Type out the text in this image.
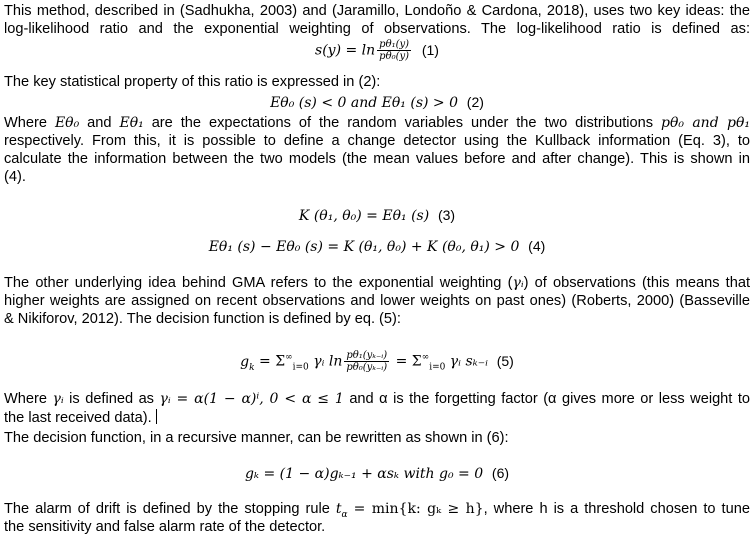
This method, described in (Sadhukha, 2003) and (Jaramillo, Londoño & Cardona, 2018), uses two key ideas: the
log-likelihood ratio and the exponential weighting of observations. The log-likelihood ratio is defined as:
$s(y) = \ln \frac{\text{pθ₁(y)}}{\text{pθ₀(y)}} (1)$
The key statistical property of this ratio is expressed in (2):
Eθ₀ (s) < 0 and Eθ₁ (s) > 0 (2)
Where Eθ₀ and Eθ₁ are the expectations of the random variables under the two distributions pθ₀ and pθ₁
respectively. From this, it is possible to define a change detector using the Kullback information (Eq. 3), to
calculate the information between the two models (the mean values before and after change). This is shown in
(4).
K (θ₁, θ₀) = Eθ₁ (s) (3)
Eθ₁ (s) − Eθ₀ (s) = K (θ₁, θ₀) + K (θ₀, θ₁) > 0 (4)
The other underlying idea behind GMA refers to the exponential weighting (γᵢ) of observations (this means that
higher weights are assigned on recent observations and lower weights on past ones) (Roberts, 2000) (Basseville
& Nikiforov, 2012). The decision function is defined by eq. (5):
$g_k = \Sigma^\infty_{i=0}$ γᵢ $\ln \frac{\text{pθ₁(yₖ₋ᵢ)}}{\text{pθ₀(yₖ₋ᵢ)}} = \Sigma^\infty_{i=0}$ γᵢ sₖ₋ᵢ (5)
Where γᵢ is defined as γᵢ = α(1 − α)ⁱ, 0 < α ≤ 1 and α is the forgetting factor (α gives more or less weight to
the last received data).
The decision function, in a recursive manner, can be rewritten as shown in (6):
gₖ = (1 − α)gₖ₋₁ + αsₖ with g₀ = 0 (6)
The alarm of drift is defined by the stopping rule $t_\alpha = \min\{k$: gₖ ≥ h}, where h is a threshold chosen to tune
the sensitivity and false alarm rate of the detector.
